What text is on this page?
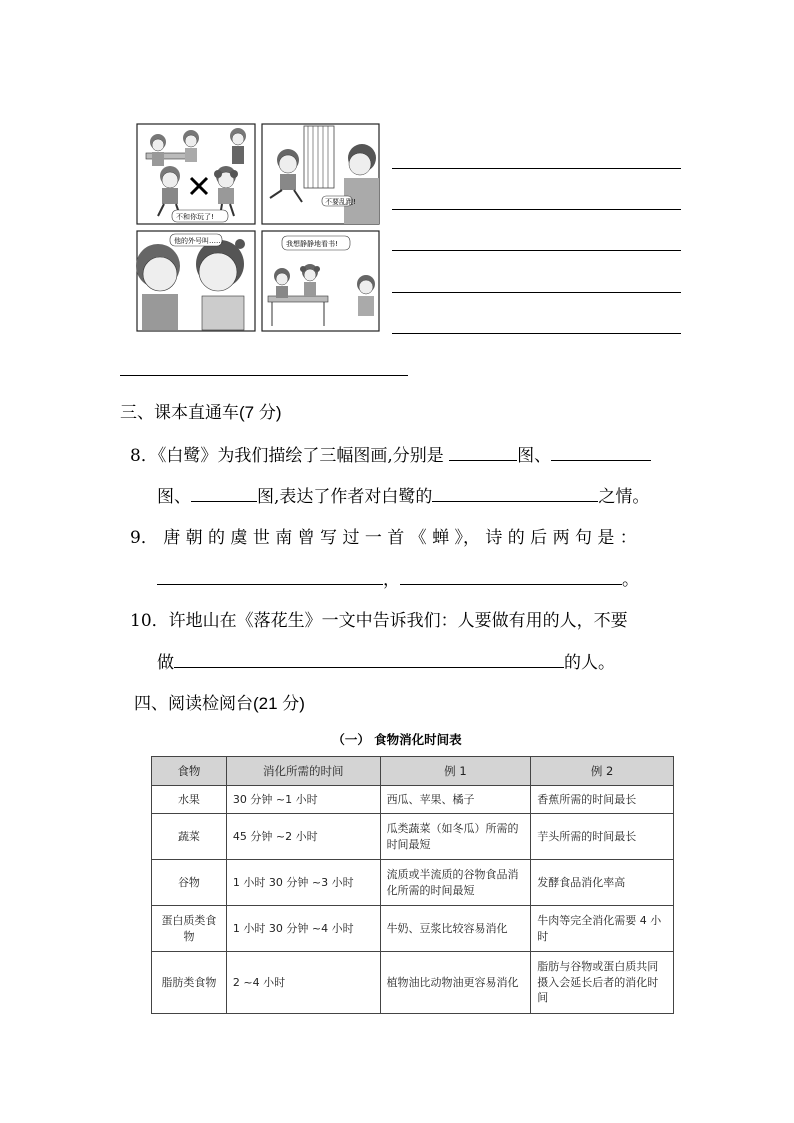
不和你玩了!
不要乱跑!
他的外号叫……	我想静静地看书!
三、课本直通车(7 分)
8．《白鹭》为我们描绘了三幅图画,分别是	图、
图、	图,表达了作者对白鹭的	之情。
9． 唐 朝 的 虞 世 南 曾 写 过 一 首 《 蝉 》， 诗 的 后 两 句 是 ：
，	。
10．许地山在《落花生》一文中告诉我们：人要做有用的人，不要
做	的人。
四、阅读检阅台(21 分)
（一） 食物消化时间表
食物	消化所需的时间	例 1	例 2
水果	30 分钟 ~1 小时	西瓜、苹果、橘子	香蕉所需的时间最长
蔬菜	45 分钟 ~2 小时	瓜类蔬菜（如冬瓜）所需的时间最短	芋头所需的时间最长
谷物	1 小时 30 分钟 ~3 小时	流质或半流质的谷物食品消化所需的时间最短	发酵食品消化率高
蛋白质类食物	1 小时 30 分钟 ~4 小时	牛奶、豆浆比较容易消化	牛肉等完全消化需要 4 小时
脂肪类食物	2 ~4 小时	植物油比动物油更容易消化	脂肪与谷物或蛋白质共同摄入会延长后者的消化时间
